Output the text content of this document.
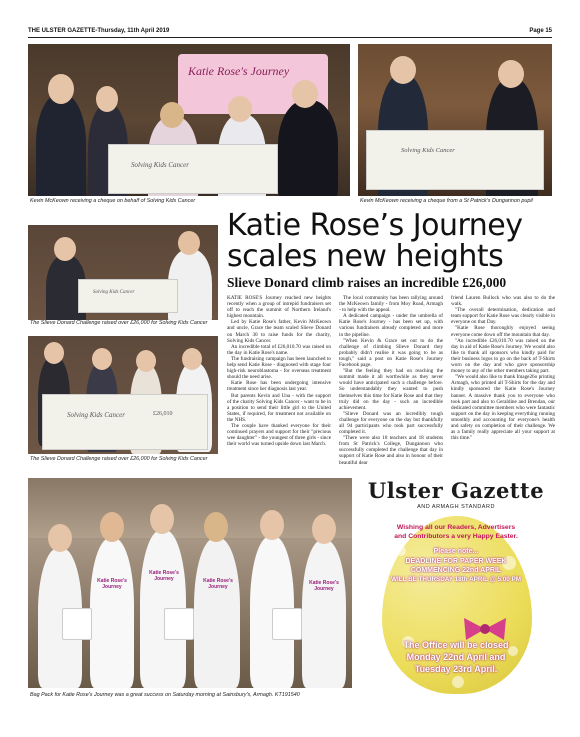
THE ULSTER GAZETTE-Thursday, 11th April 2019	Page 15
Katie Rose's Journey
Solving Kids Cancer
Solving Kids Cancer
Kevin McKeown receiving a cheque on behalf of Solving Kids Cancer	Kevin McKeown receiving a cheque from a St Patrick's Dungannon pupil
Solving Kids Cancer
The Slieve Donard Challenge raised over £26,000 for Solving Kids Cancer
Solving Kids Cancer	£26,010
The Slieve Donard Challenge raised over £26,000 for Solving Kids Cancer
Katie Rose’s Journey scales new heights
Slieve Donard climb raises an incredible £26,000

KATIE ROSE'S Journey reached new heights recently when a group of intrepid fundraisers set off to reach the summit of Northern Ireland's highest mountain.

Led by Katie Rose's father, Kevin McKeown and uncle, Grace the team scaled Slieve Donard on March 30 to raise funds for the charity, Solving Kids Cancer.

An incredible total of £26,010.70 was raised on the day in Katie Rose's name.

The fundraising campaign has been launched to help send Katie Rose - diagnosed with stage four high-risk neuroblastoma - for overseas treatment should the need arise.

Katie Rose has been undergoing intensive treatment since her diagnosis last year.

But parents Kevin and Una - with the support of the charity Solving Kids Cancer - want to be in a position to send their little girl to the United States, if required, for treatment not available on the NHS.

The couple have thanked everyone for their continued prayers and support for their "precious wee daughter" - the youngest of three girls - since their world was turned upside down last March.

The local community has been rallying around the McKeown family - from Moy Road, Armagh - to help with the appeal.

A dedicated campaign - under the umbrella of Katie Rose's Journey - has been set up, with various fundraisers already completed and more in the pipeline.

"When Kevin & Grace set out to do the challenge of climbing Slieve Donard they probably didn't realise it was going to be as tough," said a post on Katie Rose's Journey Facebook page.

"But the feeling they had on reaching the summit made it all worthwhile as they never would have anticipated such a challenge before. So understandably they wanted to push themselves this time for Katie Rose and that they truly did on the day - such an incredible achievement.

"Slieve Donard was an incredibly tough challenge for everyone on the day but thankfully all 94 participants who took part successfully completed it.

"There were also 18 teachers and 18 students from St Patrick's College, Dungannon who successfully completed the challenge that day in support of Katie Rose and also in honour of their beautiful dear

friend Lauren Bullock who was also to do the walk.

"The overall determination, dedication and team support for Katie Rose was clearly visible in everyone on that Day.

"Katie Rose thoroughly enjoyed seeing everyone come down off the mountain that day.

"An incredible £26,010.70 was raised on the day in aid of Katie Rose's Journey. We would also like to thank all sponsors who kindly paid for their business logos to go on the back of T-Shirts worn on the day and who gave sponsorship money to any of the other members taking part.

"We would also like to thank Image26o printing Armagh, who printed all T-Shirts for the day and kindly sponsored the Katie Rose's Journey banner. A massive thank you to everyone who took part and also to Geraldine and Brendan, our dedicated committee members who were fantastic support on the day in keeping everything running smoothly and accounting for everyone's health and safety on completion of their challenge. We as a family really appreciate all your support at this time."

Katie Rose's Journey
Katie Rose's Journey	Katie Rose's Journey
Katie Rose's Journey
Bag Pack for Katie Rose's Journey was a great success on Saturday morning at Sainsbury's, Armagh. KT191540
Ulster Gazette
AND ARMAGH STANDARD
Wishing all our Readers, Advertisers
and Contributors a very Happy Easter.
Please note...
DEADLINE FOR PAPER WEEK
COMMENCING 22nd APRIL
WILL BE THURSDAY 18th APRIL @ 5.00 PM
The Office will be closed
Monday 22nd April and
Tuesday 23rd April.
